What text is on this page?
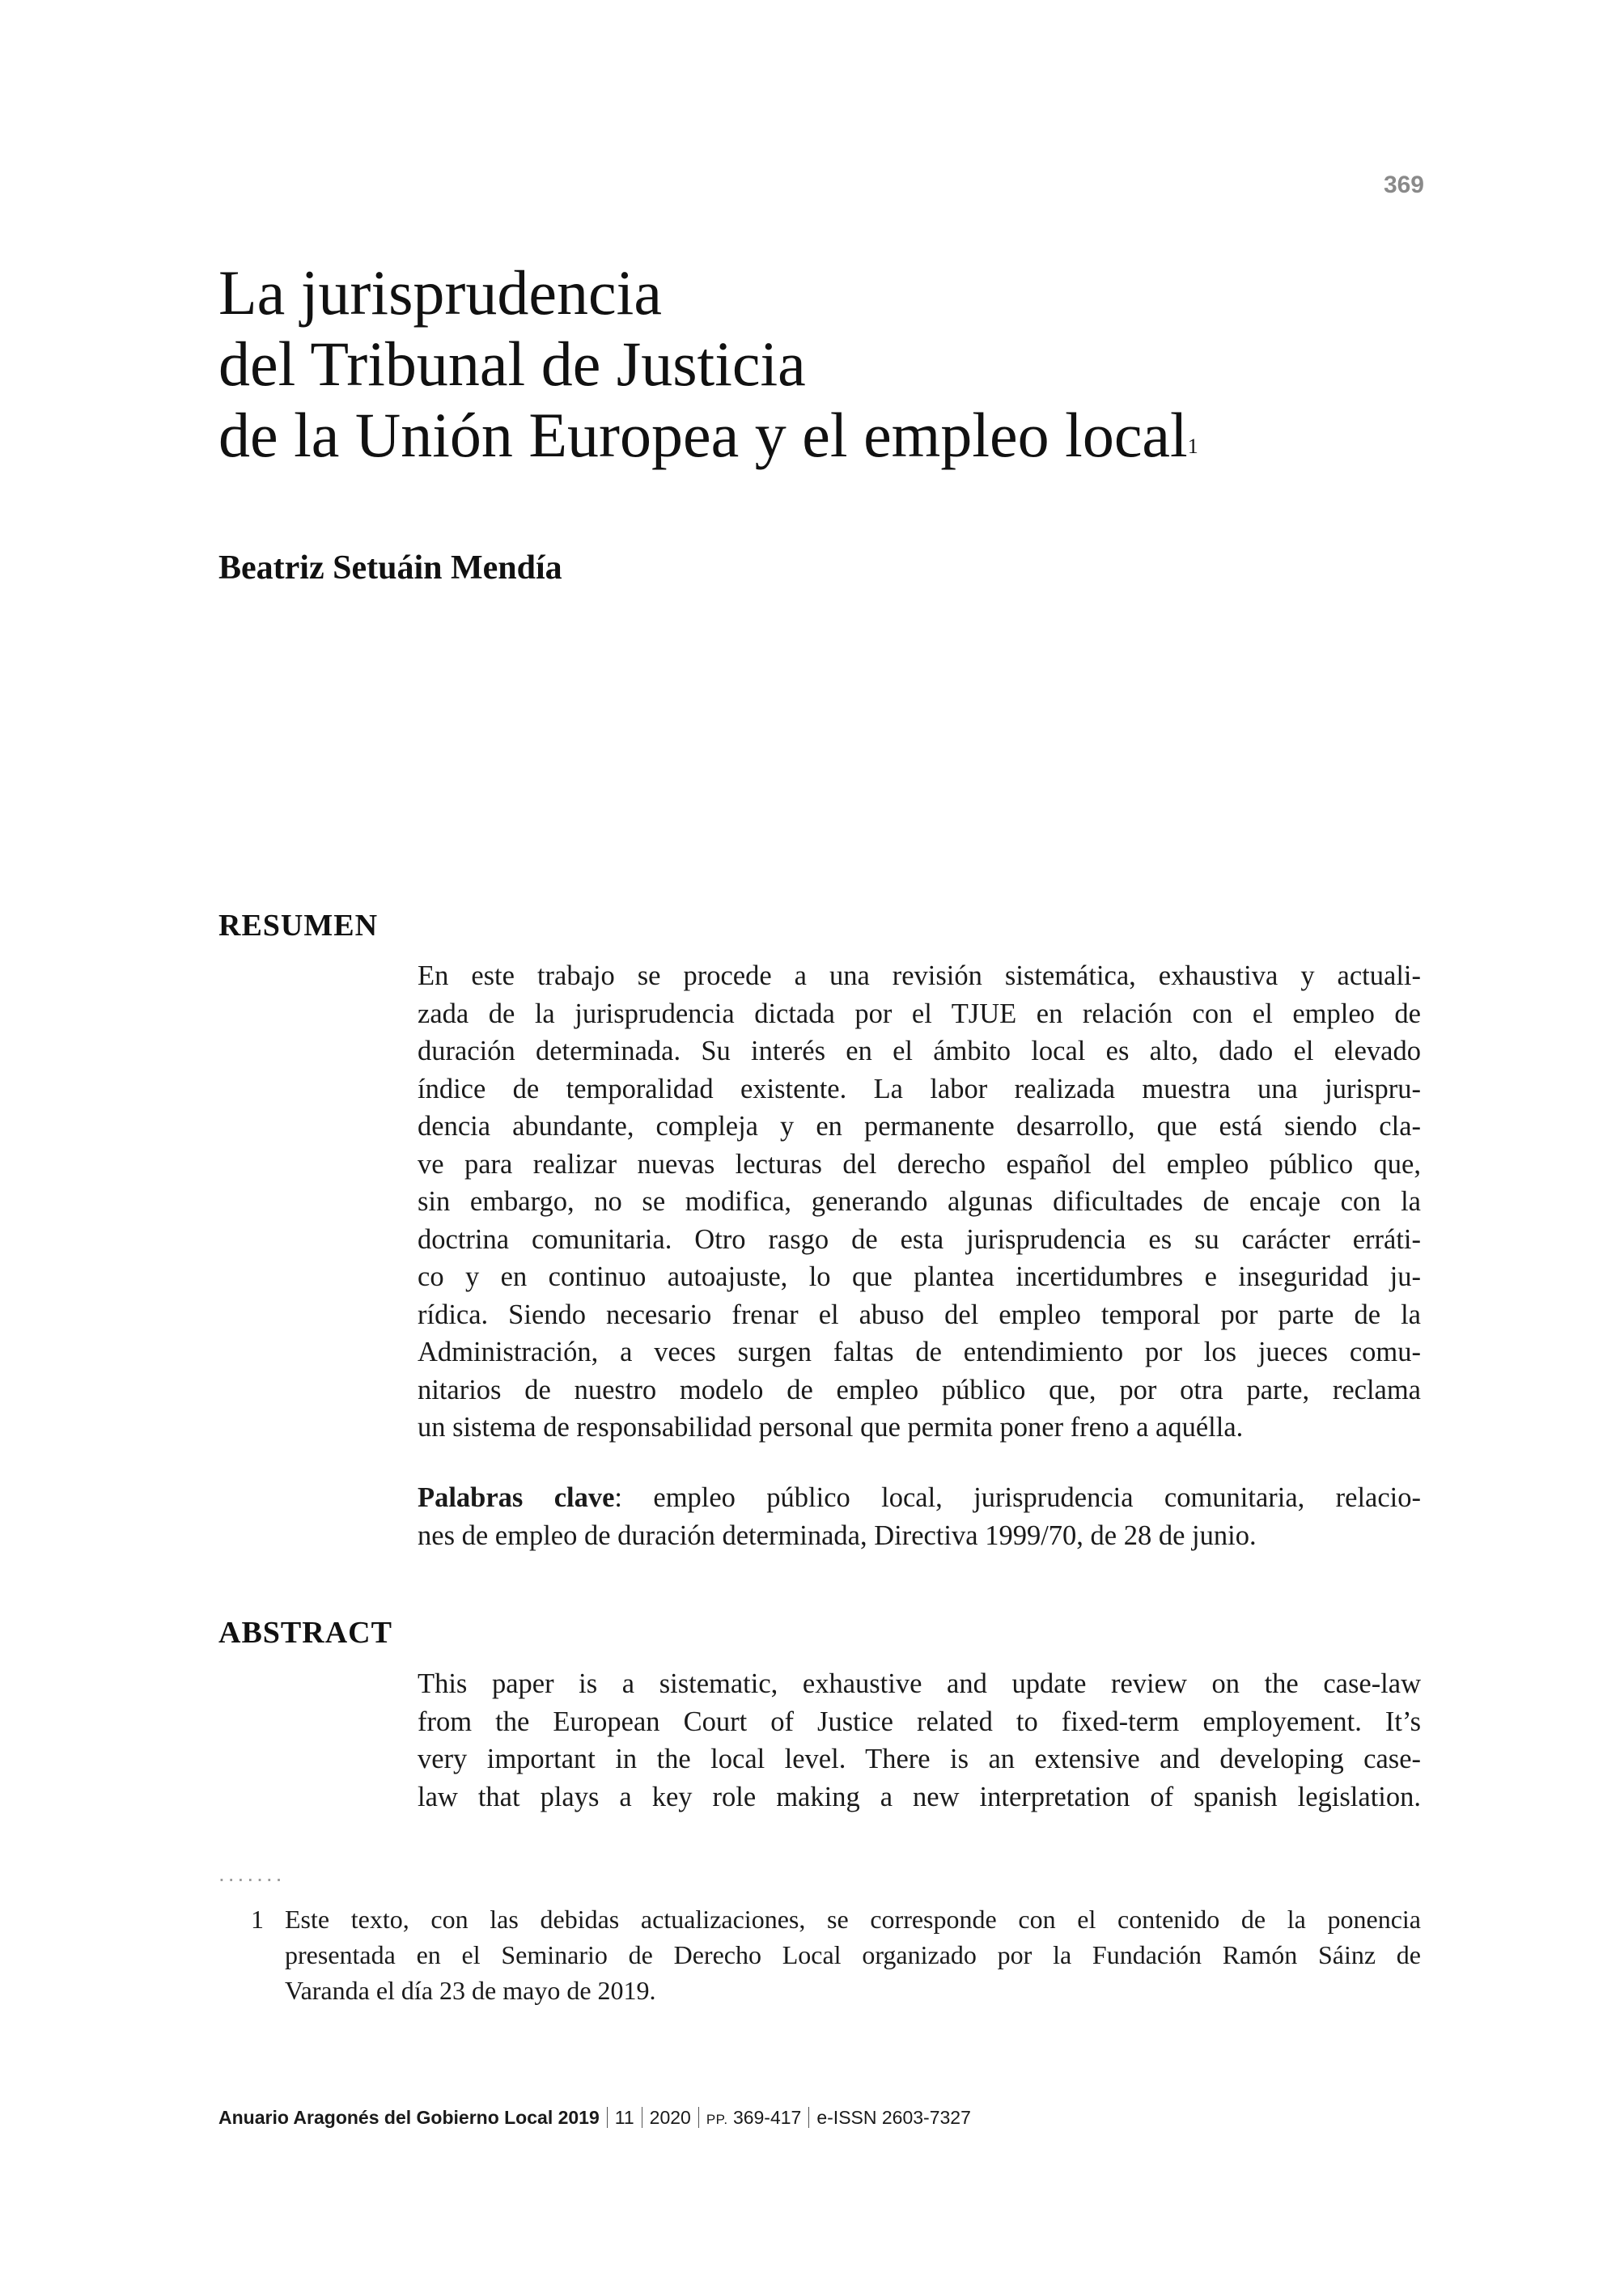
369
La jurisprudencia
del Tribunal de Justicia
de la Unión Europea y el empleo local$^1$
Beatriz Setuáin Mendía
RESUMEN

En este trabajo se procede a una revisión sistemática, exhaustiva y actuali-
zada de la jurisprudencia dictada por el TJUE en relación con el empleo de
duración determinada. Su interés en el ámbito local es alto, dado el elevado
índice de temporalidad existente. La labor realizada muestra una jurispru-
dencia abundante, compleja y en permanente desarrollo, que está siendo cla-
ve para realizar nuevas lecturas del derecho español del empleo público que,
sin embargo, no se modifica, generando algunas dificultades de encaje con la
doctrina comunitaria. Otro rasgo de esta jurisprudencia es su carácter erráti-
co y en continuo autoajuste, lo que plantea incertidumbres e inseguridad ju-
rídica. Siendo necesario frenar el abuso del empleo temporal por parte de la
Administración, a veces surgen faltas de entendimiento por los jueces comu-
nitarios de nuestro modelo de empleo público que, por otra parte, reclama
un sistema de responsabilidad personal que permita poner freno a aquélla.

Palabras clave: empleo público local, jurisprudencia comunitaria, relacio-
nes de empleo de duración determinada, Directiva 1999/70, de 28 de junio.

ABSTRACT

This paper is a sistematic, exhaustive and update review on the case-law
from the European Court of Justice related to fixed-term employement. It’s
very important in the local level. There is an extensive and developing case-
law that plays a key role making a new interpretation of spanish legislation.

.......
1 Este texto, con las debidas actualizaciones, se corresponde con el contenido de la ponencia
presentada en el Seminario de Derecho Local organizado por la Fundación Ramón Sáinz de
Varanda el día 23 de mayo de 2019.
Anuario Aragonés del Gobierno Local 2019 11 2020 PP. 369-417 e-ISSN 2603-7327
